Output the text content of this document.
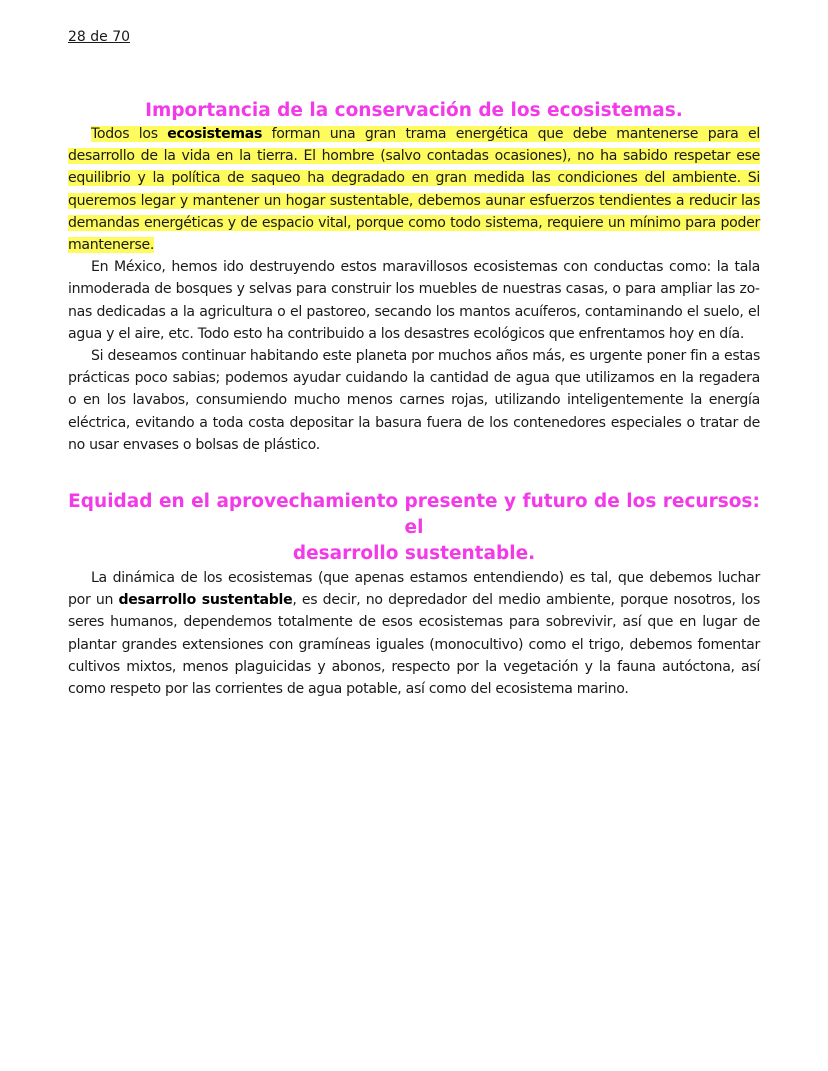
28 de 70
Importancia de la conservación de los ecosistemas.

Todos los ecosistemas forman una gran trama energética que debe mantenerse para el desarrollo de la vida en la tierra. El hombre (salvo contadas ocasiones), no ha sabido respetar ese equilibrio y la política de saqueo ha degradado en gran medida las condiciones del ambiente. Si queremos legar y mantener un hogar sustentable, debemos aunar esfuerzos tendientes a reducir las demandas energéticas y de espacio vital, porque como todo sistema, requiere un mínimo para poder mantenerse.

En México, hemos ido destruyendo estos maravillosos ecosistemas con conductas como: la tala inmoderada de bosques y selvas para construir los muebles de nuestras casas, o para ampliar las zonas dedicadas a la agricultura o el pastoreo, secando los mantos acuíferos, contaminando el suelo, el agua y el aire, etc. Todo esto ha contribuido a los desastres ecológicos que enfrentamos hoy en día.

Si deseamos continuar habitando este planeta por muchos años más, es urgente poner fin a estas prácticas poco sabias; podemos ayudar cuidando la cantidad de agua que utilizamos en la regadera o en los lavabos, consumiendo mucho menos carnes rojas, utilizando inteligentemente la energía eléctrica, evitando a toda costa depositar la basura fuera de los contenedores especiales o tratar de no usar envases o bolsas de plástico.

Equidad en el aprovechamiento presente y futuro de los recursos: el
desarrollo sustentable.

La dinámica de los ecosistemas (que apenas estamos entendiendo) es tal, que debemos luchar por un desarrollo sustentable, es decir, no depredador del medio ambiente, porque nosotros, los seres humanos, dependemos totalmente de esos ecosistemas para sobrevivir, así que en lugar de plantar grandes extensiones con gramíneas iguales (monocultivo) como el trigo, debemos fomentar cultivos mixtos, menos plaguicidas y abonos, respecto por la vegetación y la fauna autóctona, así como respeto por las corrientes de agua potable, así como del ecosistema marino.
